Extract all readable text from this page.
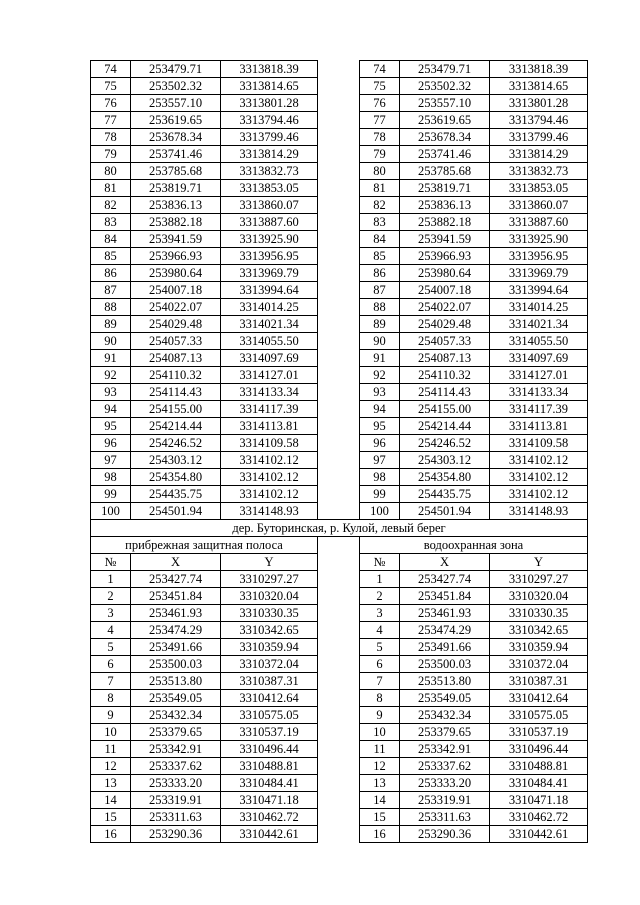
74	253479.71	3313818.39		74	253479.71	3313818.39
75	253502.32	3313814.65		75	253502.32	3313814.65
76	253557.10	3313801.28		76	253557.10	3313801.28
77	253619.65	3313794.46		77	253619.65	3313794.46
78	253678.34	3313799.46		78	253678.34	3313799.46
79	253741.46	3313814.29		79	253741.46	3313814.29
80	253785.68	3313832.73		80	253785.68	3313832.73
81	253819.71	3313853.05		81	253819.71	3313853.05
82	253836.13	3313860.07		82	253836.13	3313860.07
83	253882.18	3313887.60		83	253882.18	3313887.60
84	253941.59	3313925.90		84	253941.59	3313925.90
85	253966.93	3313956.95		85	253966.93	3313956.95
86	253980.64	3313969.79		86	253980.64	3313969.79
87	254007.18	3313994.64		87	254007.18	3313994.64
88	254022.07	3314014.25		88	254022.07	3314014.25
89	254029.48	3314021.34		89	254029.48	3314021.34
90	254057.33	3314055.50		90	254057.33	3314055.50
91	254087.13	3314097.69		91	254087.13	3314097.69
92	254110.32	3314127.01		92	254110.32	3314127.01
93	254114.43	3314133.34		93	254114.43	3314133.34
94	254155.00	3314117.39		94	254155.00	3314117.39
95	254214.44	3314113.81		95	254214.44	3314113.81
96	254246.52	3314109.58		96	254246.52	3314109.58
97	254303.12	3314102.12		97	254303.12	3314102.12
98	254354.80	3314102.12		98	254354.80	3314102.12
99	254435.75	3314102.12		99	254435.75	3314102.12
100	254501.94	3314148.93		100	254501.94	3314148.93
дер. Буторинская, р. Кулой, левый берег						
прибрежная защитная полоса				водоохранная зона		
№	X	Y		№	X	Y
1	253427.74	3310297.27		1	253427.74	3310297.27
2	253451.84	3310320.04		2	253451.84	3310320.04
3	253461.93	3310330.35		3	253461.93	3310330.35
4	253474.29	3310342.65		4	253474.29	3310342.65
5	253491.66	3310359.94		5	253491.66	3310359.94
6	253500.03	3310372.04		6	253500.03	3310372.04
7	253513.80	3310387.31		7	253513.80	3310387.31
8	253549.05	3310412.64		8	253549.05	3310412.64
9	253432.34	3310575.05		9	253432.34	3310575.05
10	253379.65	3310537.19		10	253379.65	3310537.19
11	253342.91	3310496.44		11	253342.91	3310496.44
12	253337.62	3310488.81		12	253337.62	3310488.81
13	253333.20	3310484.41		13	253333.20	3310484.41
14	253319.91	3310471.18		14	253319.91	3310471.18
15	253311.63	3310462.72		15	253311.63	3310462.72
16	253290.36	3310442.61		16	253290.36	3310442.61
